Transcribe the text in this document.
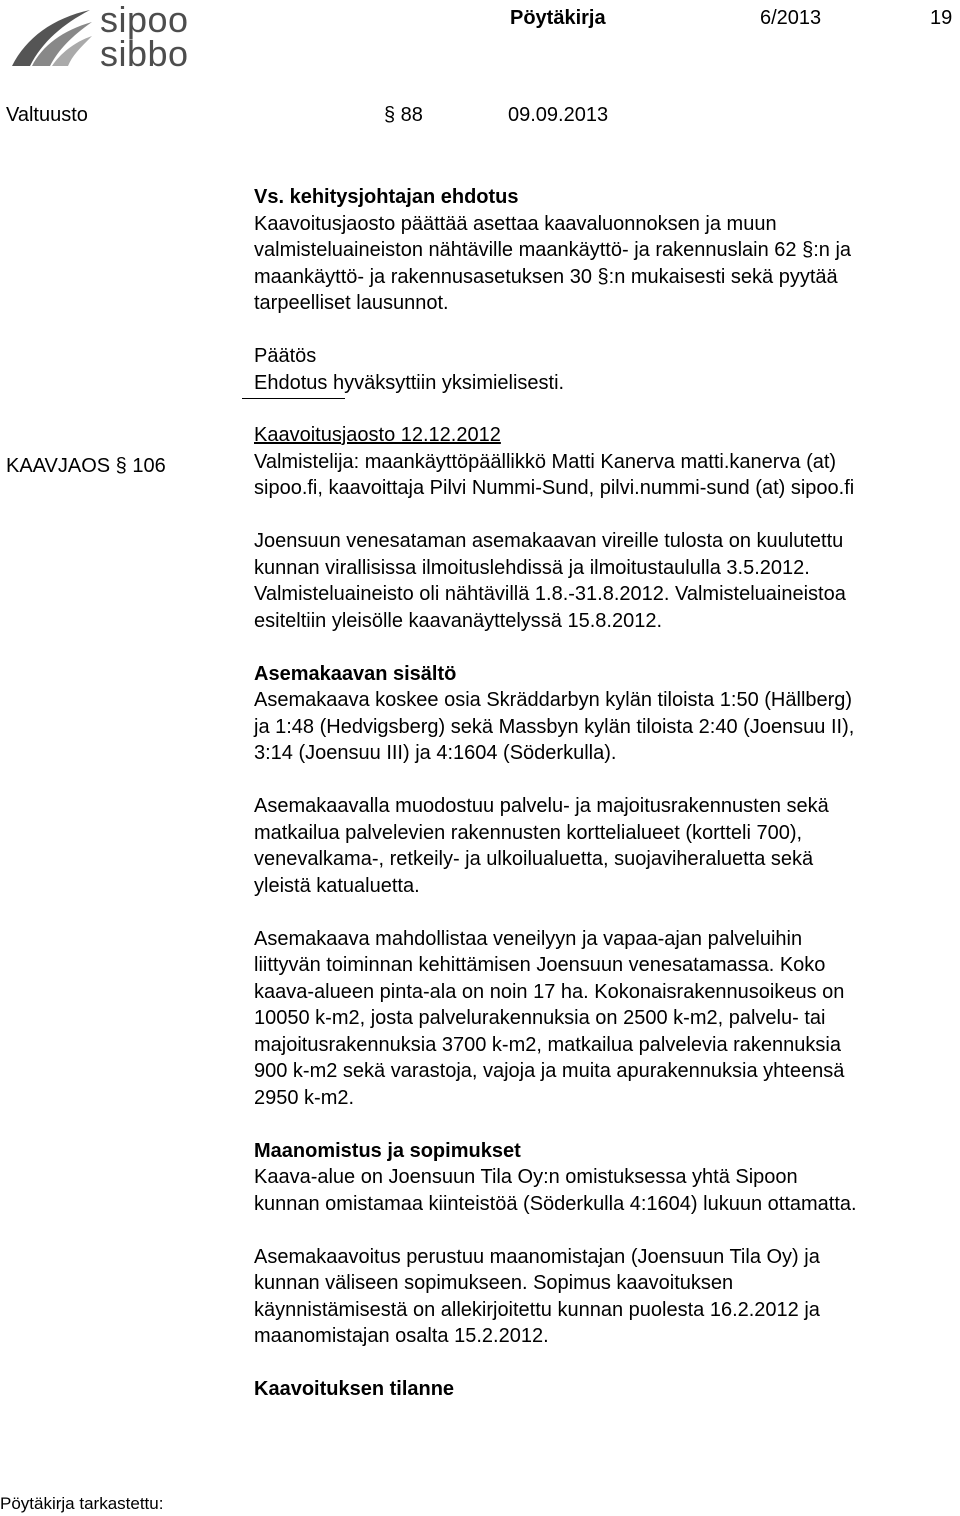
sipoo
sibbo
Pöytäkirja	6/2013	19
Valtuusto	§ 88	09.09.2013
KAAVJAOS § 106

Vs. kehitysjohtajan ehdotus

Kaavoitusjaosto päättää asettaa kaavaluonnoksen ja muun

valmisteluaineiston nähtäville maankäyttö- ja rakennuslain 62 §:n ja

maankäyttö- ja rakennusasetuksen 30 §:n mukaisesti sekä pyytää

tarpeelliset lausunnot.

Päätös

Ehdotus hyväksyttiin yksimielisesti.

Kaavoitusjaosto 12.12.2012

Valmistelija: maankäyttöpäällikkö Matti Kanerva matti.kanerva (at)

sipoo.fi, kaavoittaja Pilvi Nummi-Sund, pilvi.nummi-sund (at) sipoo.fi

Joensuun venesataman asemakaavan vireille tulosta on kuulutettu

kunnan virallisissa ilmoituslehdissä ja ilmoitustaululla 3.5.2012.

Valmisteluaineisto oli nähtävillä 1.8.-31.8.2012. Valmisteluaineistoa

esiteltiin yleisölle kaavanäyttelyssä 15.8.2012.

Asemakaavan sisältö

Asemakaava koskee osia Skräddarbyn kylän tiloista 1:50 (Hällberg)

ja 1:48 (Hedvigsberg) sekä Massbyn kylän tiloista 2:40 (Joensuu II),

3:14 (Joensuu III) ja 4:1604 (Söderkulla).

Asemakaavalla muodostuu palvelu- ja majoitusrakennusten sekä

matkailua palvelevien rakennusten korttelialueet (kortteli 700),

venevalkama-, retkeily- ja ulkoilualuetta, suojaviheraluetta sekä

yleistä katualuetta.

Asemakaava mahdollistaa veneilyyn ja vapaa-ajan palveluihin

liittyvän toiminnan kehittämisen Joensuun venesatamassa. Koko

kaava-alueen pinta-ala on noin 17 ha. Kokonaisrakennusoikeus on

10050 k-m2, josta palvelurakennuksia on 2500 k-m2, palvelu- tai

majoitusrakennuksia 3700 k-m2, matkailua palvelevia rakennuksia

900 k-m2 sekä varastoja, vajoja ja muita apurakennuksia yhteensä

2950 k-m2.

Maanomistus ja sopimukset

Kaava-alue on Joensuun Tila Oy:n omistuksessa yhtä Sipoon

kunnan omistamaa kiinteistöä (Söderkulla 4:1604) lukuun ottamatta.

Asemakaavoitus perustuu maanomistajan (Joensuun Tila Oy) ja

kunnan väliseen sopimukseen. Sopimus kaavoituksen

käynnistämisestä on allekirjoitettu kunnan puolesta 16.2.2012 ja

maanomistajan osalta 15.2.2012.

Kaavoituksen tilanne

Pöytäkirja tarkastettu:
